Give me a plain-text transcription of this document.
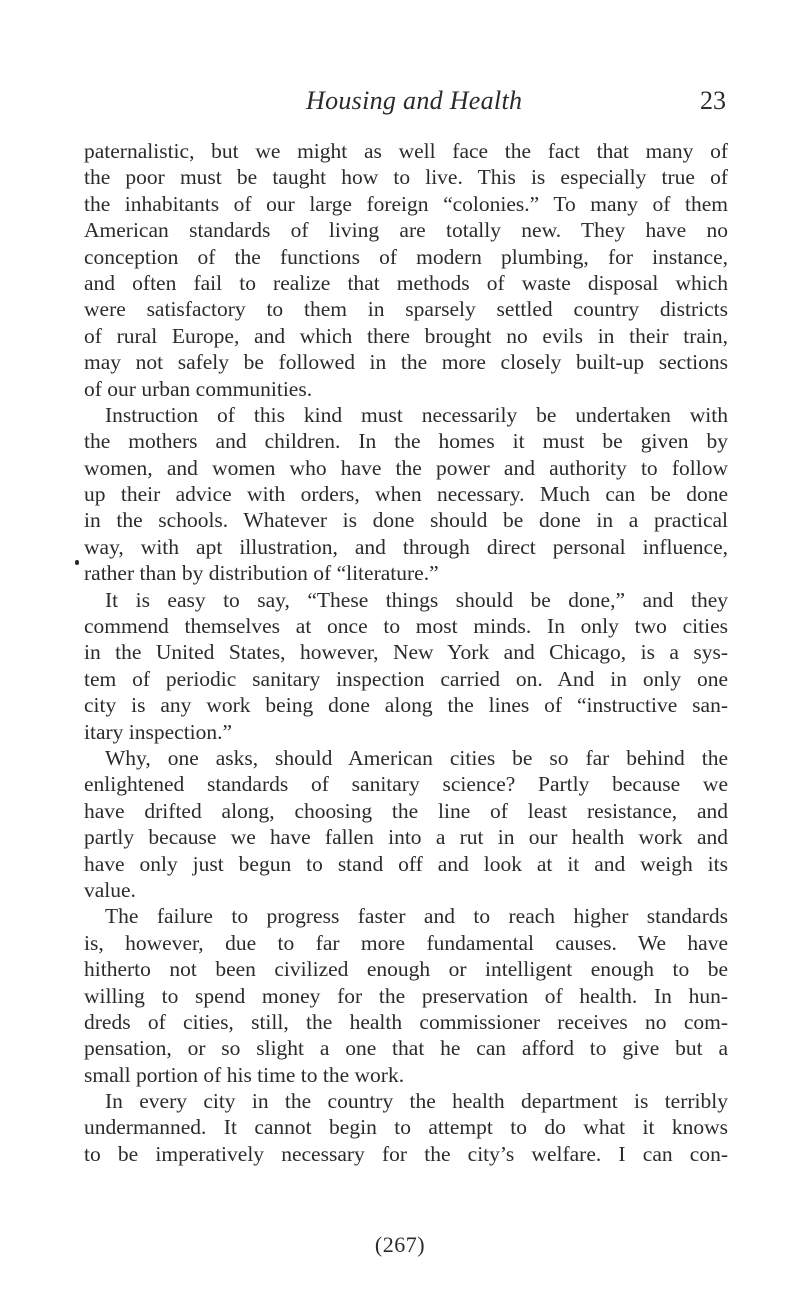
Housing and Health	23
paternalistic, but we might as well face the fact that many of
the poor must be taught how to live. This is especially true of
the inhabitants of our large foreign “colonies.” To many of them
American standards of living are totally new. They have no
conception of the functions of modern plumbing, for instance,
and often fail to realize that methods of waste disposal which
were satisfactory to them in sparsely settled country districts
of rural Europe, and which there brought no evils in their train,
may not safely be followed in the more closely built-up sections
of our urban communities.
Instruction of this kind must necessarily be undertaken with
the mothers and children. In the homes it must be given by
women, and women who have the power and authority to follow
up their advice with orders, when necessary. Much can be done
in the schools. Whatever is done should be done in a practical
way, with apt illustration, and through direct personal influence,
rather than by distribution of “literature.”
It is easy to say, “These things should be done,” and they
commend themselves at once to most minds. In only two cities
in the United States, however, New York and Chicago, is a sys-
tem of periodic sanitary inspection carried on. And in only one
city is any work being done along the lines of “instructive san-
itary inspection.”
Why, one asks, should American cities be so far behind the
enlightened standards of sanitary science? Partly because we
have drifted along, choosing the line of least resistance, and
partly because we have fallen into a rut in our health work and
have only just begun to stand off and look at it and weigh its
value.
The failure to progress faster and to reach higher standards
is, however, due to far more fundamental causes. We have
hitherto not been civilized enough or intelligent enough to be
willing to spend money for the preservation of health. In hun-
dreds of cities, still, the health commissioner receives no com-
pensation, or so slight a one that he can afford to give but a
small portion of his time to the work.
In every city in the country the health department is terribly
undermanned. It cannot begin to attempt to do what it knows
to be imperatively necessary for the city’s welfare. I can con-
(267)
